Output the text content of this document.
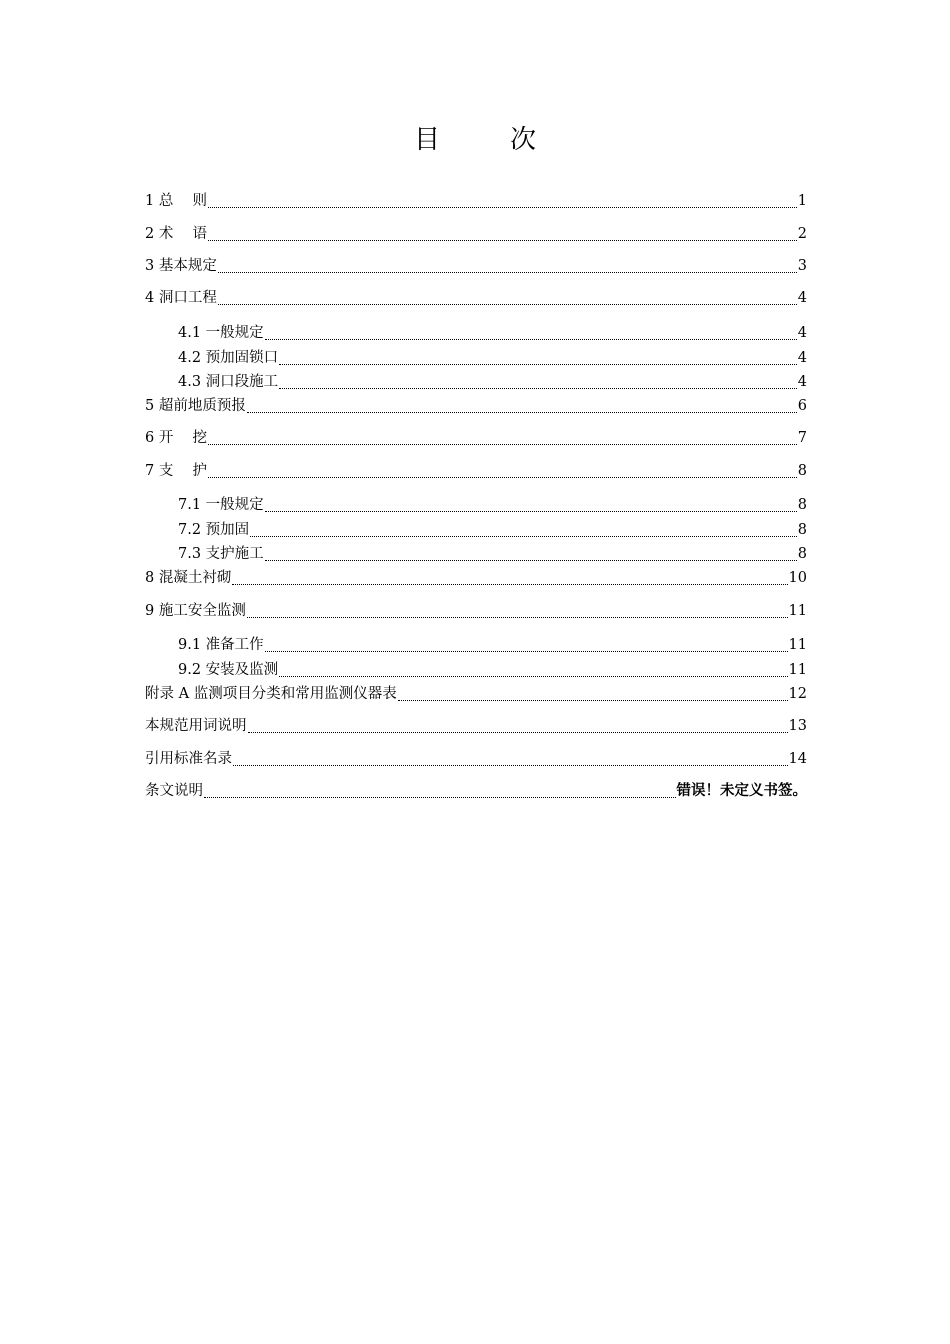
目　次
1 总　 则	1
2 术　 语	2
3 基本规定	3
4 洞口工程	4
4.1 一般规定	4
4.2 预加固锁口	4
4.3 洞口段施工	4
5 超前地质预报	6
6 开　 挖	7
7 支　 护	8
7.1 一般规定	8
7.2 预加固	8
7.3 支护施工	8
8 混凝土衬砌	10
9 施工安全监测	11
9.1 准备工作	11
9.2 安装及监测	11
附录 A 监测项目分类和常用监测仪器表	12
本规范用词说明	13
引用标准名录	14
条文说明	错误！未定义书签。
